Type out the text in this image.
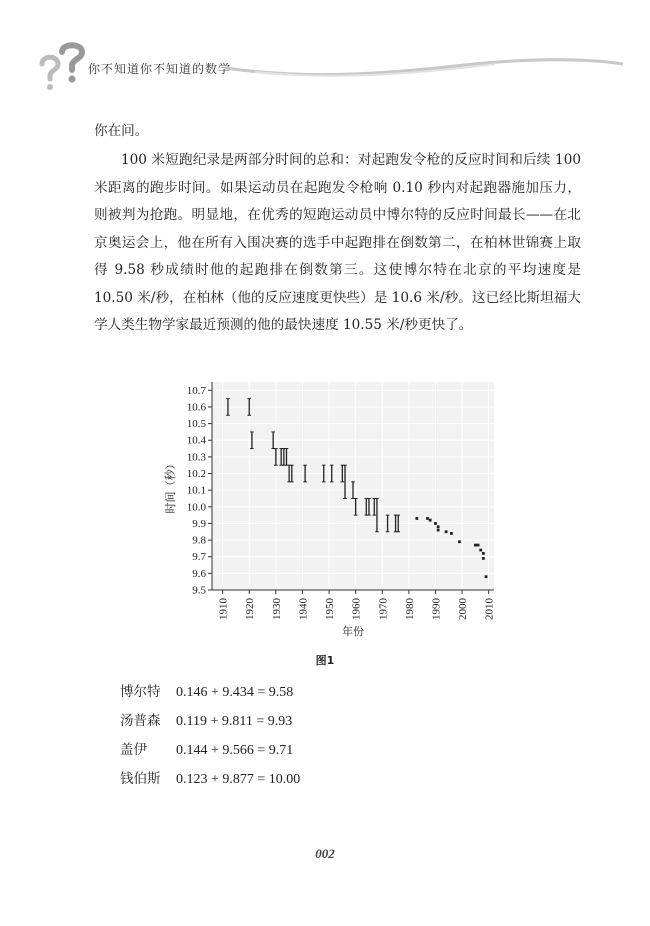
你不知道你不知道的数学

你在问。

100 米短跑纪录是两部分时间的总和：对起跑发令枪的反应时间和后续 100 米距离的跑步时间。如果运动员在起跑发令枪响 0.10 秒内对起跑器施加压力，则被判为抢跑。明显地，在优秀的短跑运动员中博尔特的反应时间最长——在北京奥运会上，他在所有入围决赛的选手中起跑排在倒数第二，在柏林世锦赛上取得 9.58 秒成绩时他的起跑排在倒数第三。这使博尔特在北京的平均速度是 10.50 米/秒，在柏林（他的反应速度更快些）是 10.6 米/秒。这已经比斯坦福大学人类生物学家最近预测的他的最快速度 10.55 米/秒更快了。

9.5
9.6
9.7
9.8
9.9
10.0
10.1
10.2
10.3
10.4
10.5
10.6
10.7
1910 1920 1930 1940 1950 1960 1970 1980 1990 2000 2010
时间（秒）
年份
图1
博尔特	0.146 + 9.434 = 9.58
汤普森	0.119 + 9.811 = 9.93
盖伊	0.144 + 9.566 = 9.71
钱伯斯	0.123 + 9.877 = 10.00
002
